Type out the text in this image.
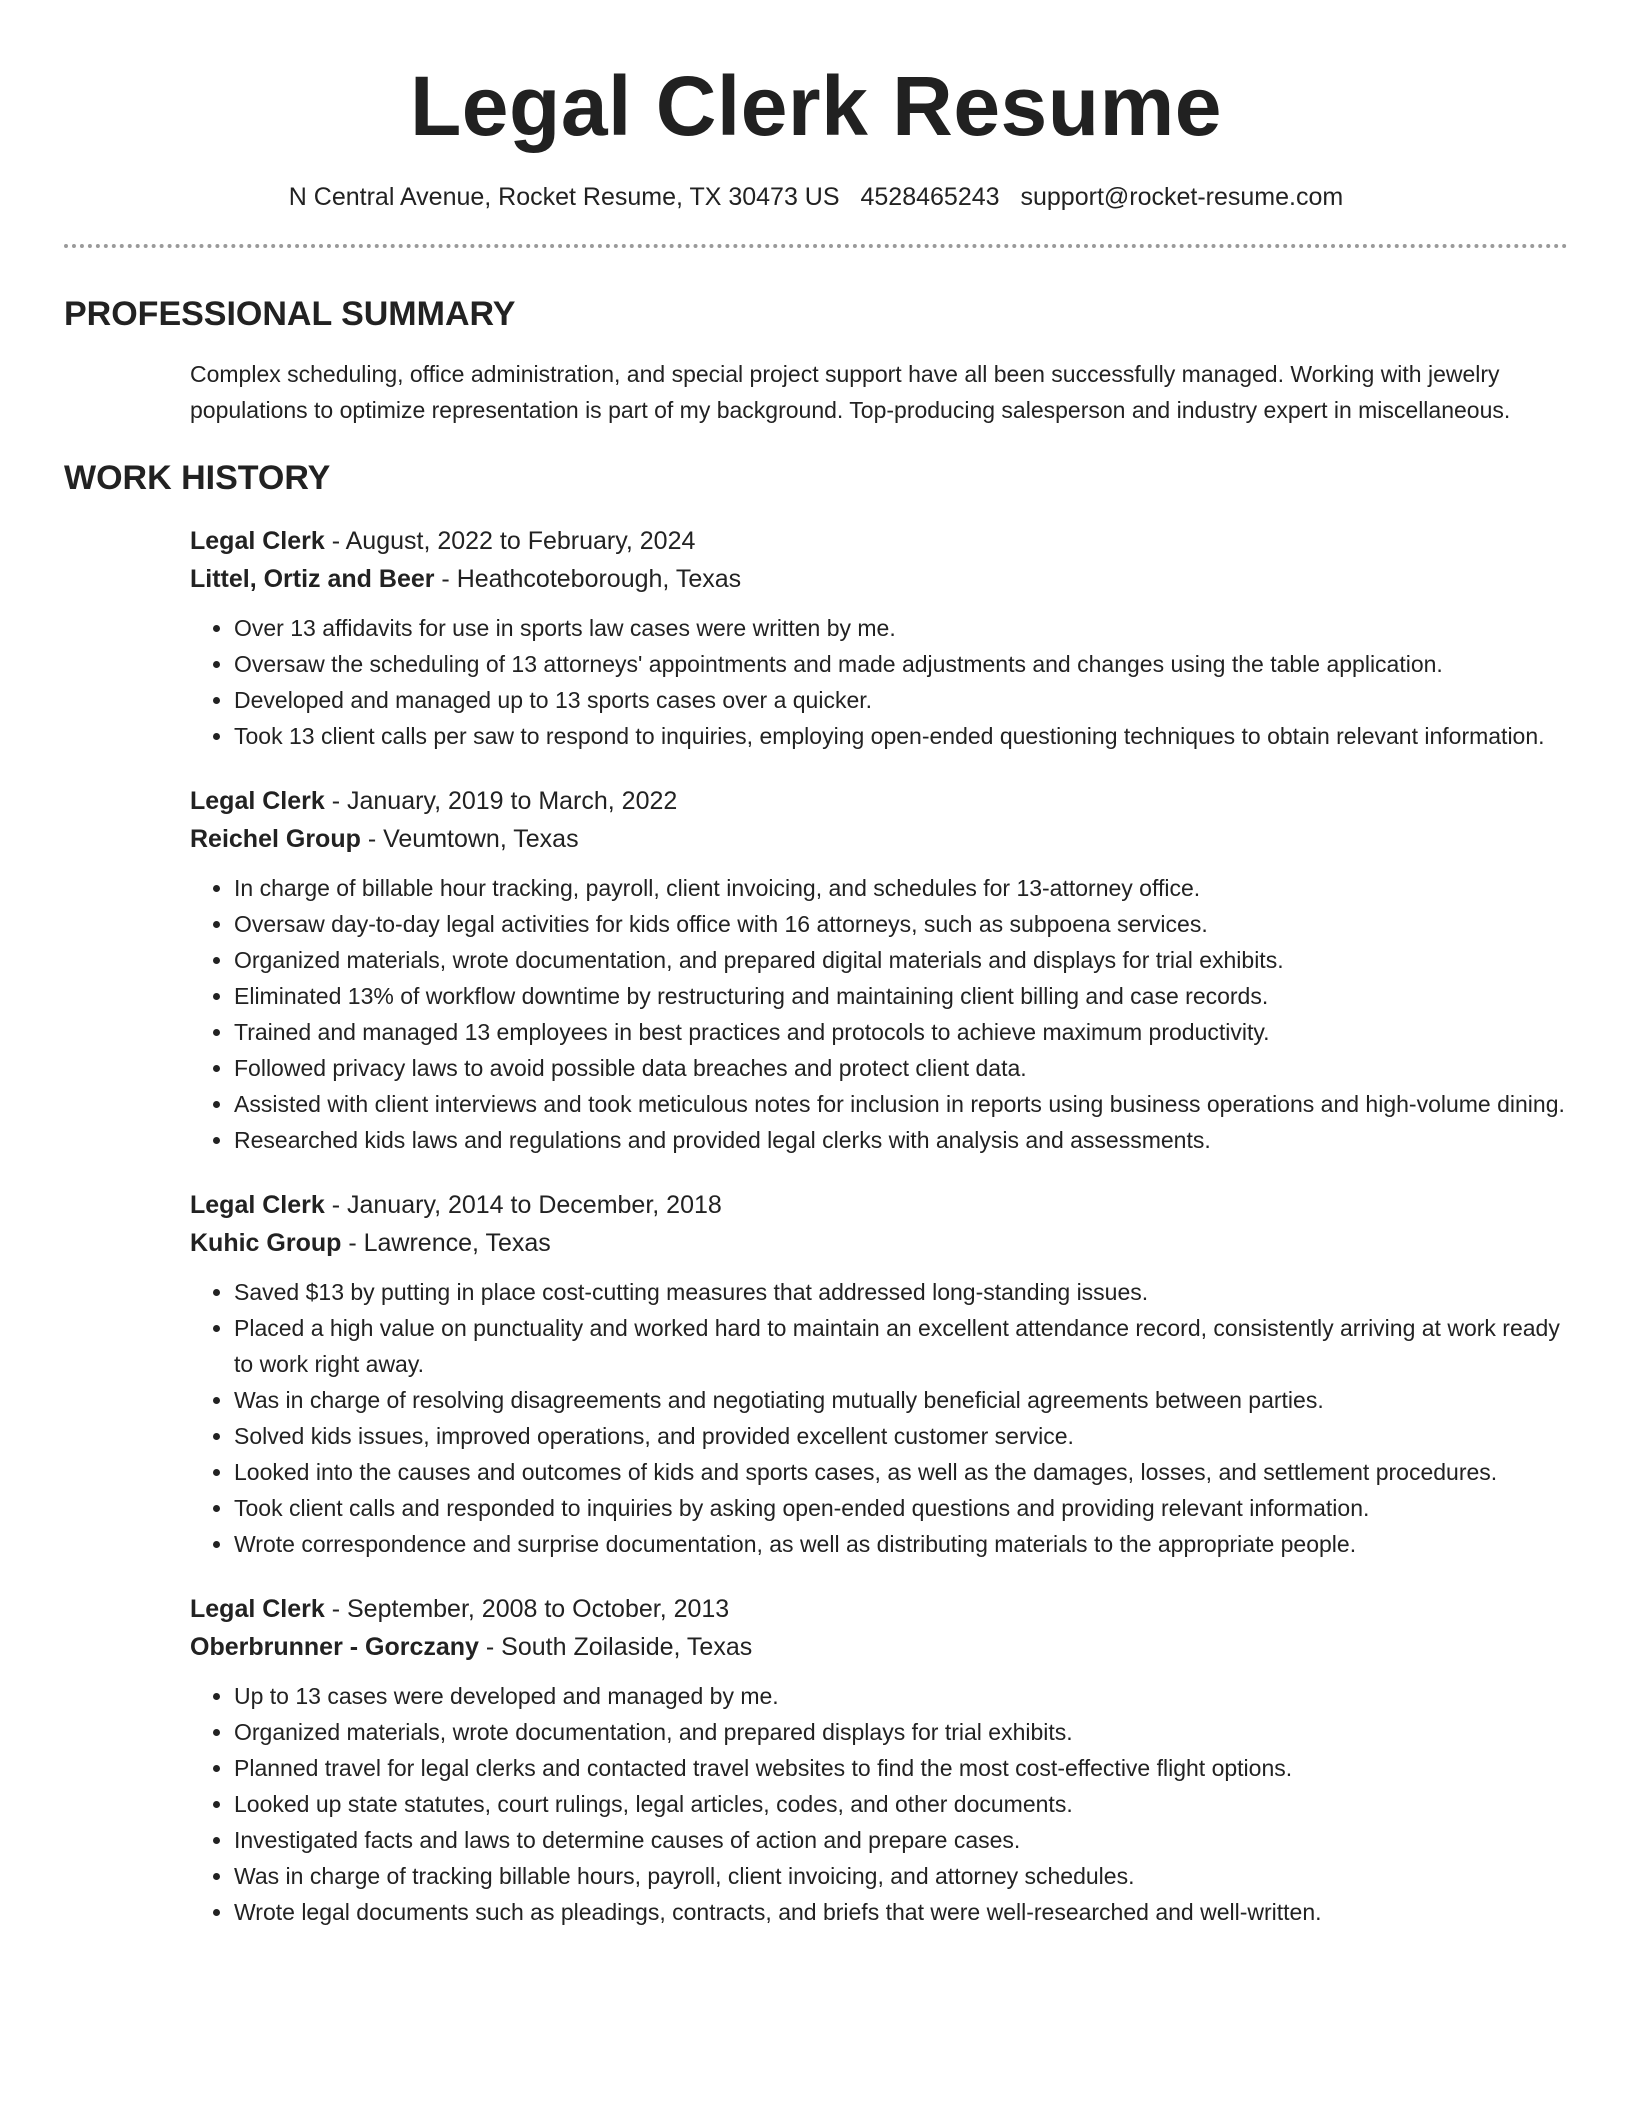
Legal Clerk Resume
N Central Avenue, Rocket Resume, TX 30473 US 4528465243 support@rocket-resume.com
PROFESSIONAL SUMMARY
Complex scheduling, office administration, and special project support have all been successfully managed. Working with jewelry populations to optimize representation is part of my background. Top-producing salesperson and industry expert in miscellaneous.
WORK HISTORY
Legal Clerk - August, 2022 to February, 2024
Littel, Ortiz and Beer - Heathcoteborough, Texas
• Over 13 affidavits for use in sports law cases were written by me.
• Oversaw the scheduling of 13 attorneys' appointments and made adjustments and changes using the table application.
• Developed and managed up to 13 sports cases over a quicker.
• Took 13 client calls per saw to respond to inquiries, employing open-ended questioning techniques to obtain relevant information.
Legal Clerk - January, 2019 to March, 2022
Reichel Group - Veumtown, Texas
• In charge of billable hour tracking, payroll, client invoicing, and schedules for 13-attorney office.
• Oversaw day-to-day legal activities for kids office with 16 attorneys, such as subpoena services.
• Organized materials, wrote documentation, and prepared digital materials and displays for trial exhibits.
• Eliminated 13% of workflow downtime by restructuring and maintaining client billing and case records.
• Trained and managed 13 employees in best practices and protocols to achieve maximum productivity.
• Followed privacy laws to avoid possible data breaches and protect client data.
• Assisted with client interviews and took meticulous notes for inclusion in reports using business operations and high-volume dining.
• Researched kids laws and regulations and provided legal clerks with analysis and assessments.
Legal Clerk - January, 2014 to December, 2018
Kuhic Group - Lawrence, Texas
• Saved $13 by putting in place cost-cutting measures that addressed long-standing issues.
• Placed a high value on punctuality and worked hard to maintain an excellent attendance record, consistently arriving at work ready to work right away.
• Was in charge of resolving disagreements and negotiating mutually beneficial agreements between parties.
• Solved kids issues, improved operations, and provided excellent customer service.
• Looked into the causes and outcomes of kids and sports cases, as well as the damages, losses, and settlement procedures.
• Took client calls and responded to inquiries by asking open-ended questions and providing relevant information.
• Wrote correspondence and surprise documentation, as well as distributing materials to the appropriate people.
Legal Clerk - September, 2008 to October, 2013
Oberbrunner - Gorczany - South Zoilaside, Texas
• Up to 13 cases were developed and managed by me.
• Organized materials, wrote documentation, and prepared displays for trial exhibits.
• Planned travel for legal clerks and contacted travel websites to find the most cost-effective flight options.
• Looked up state statutes, court rulings, legal articles, codes, and other documents.
• Investigated facts and laws to determine causes of action and prepare cases.
• Was in charge of tracking billable hours, payroll, client invoicing, and attorney schedules.
• Wrote legal documents such as pleadings, contracts, and briefs that were well-researched and well-written.
